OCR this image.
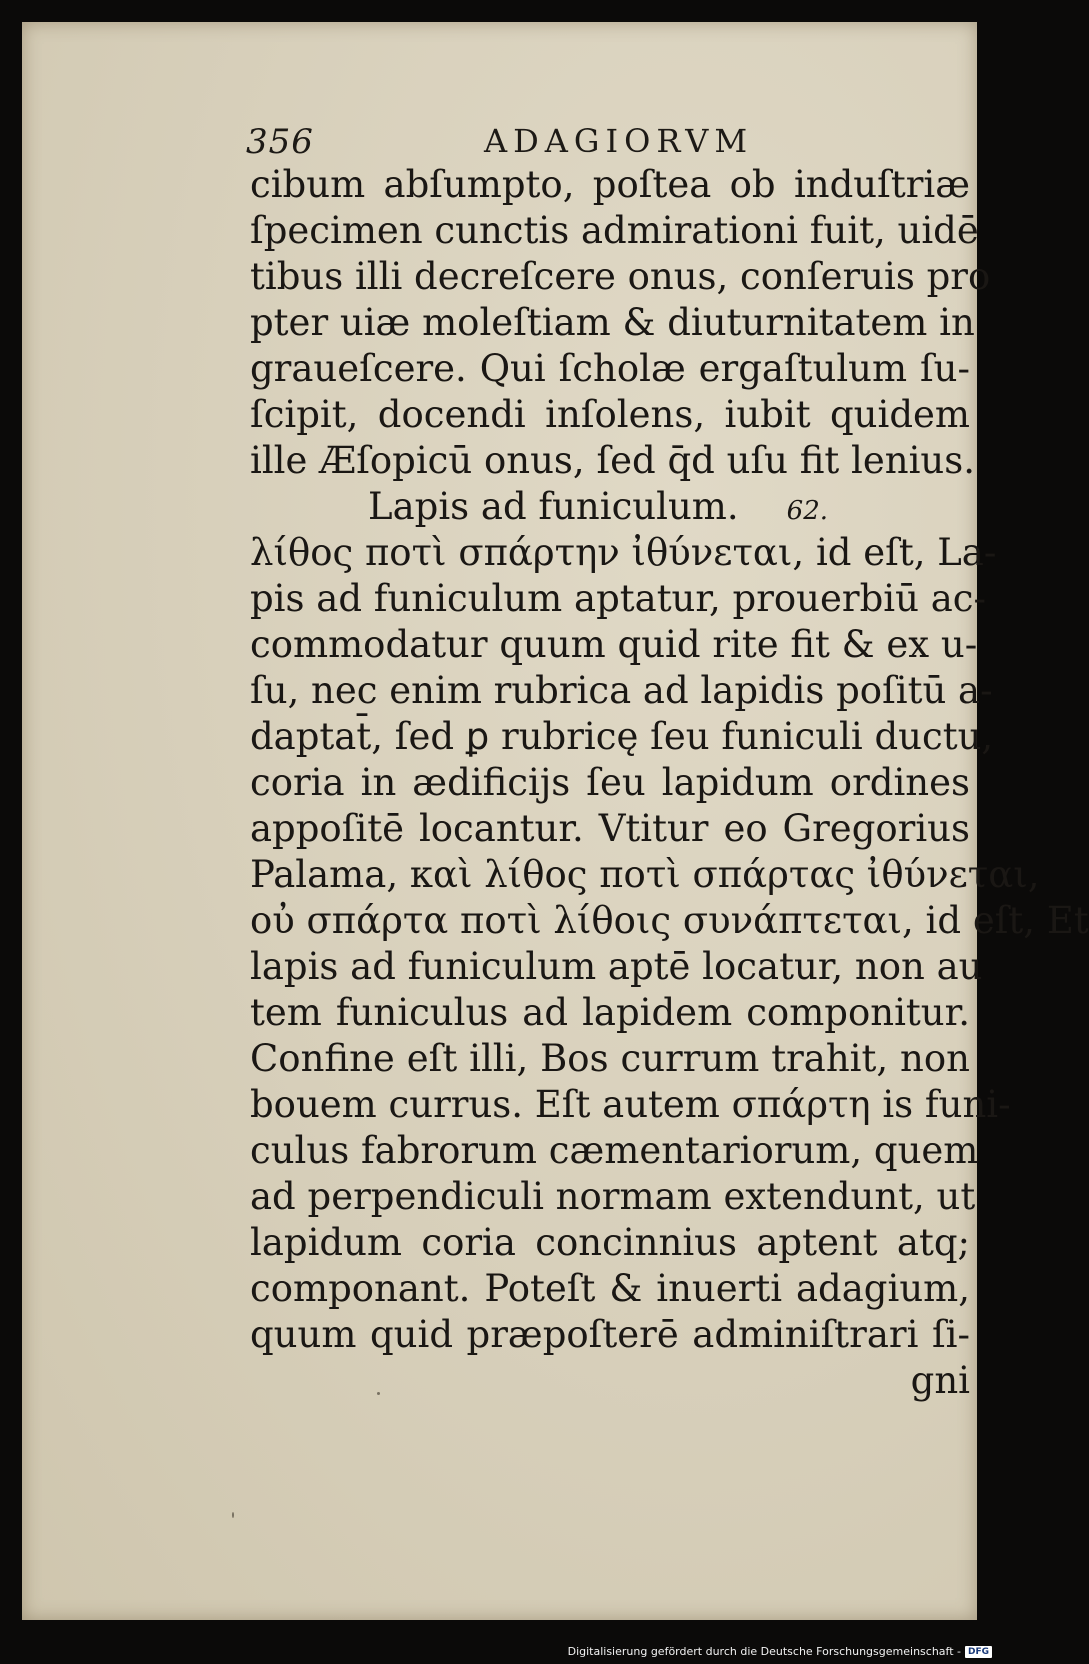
356	ADAGIORVM
cibum abſumpto, poſtea ob induſtriæ
ſpecimen cunctis admirationi fuit, uidē
tibus illi decreſcere onus, conſeruis pro
pter uiæ moleſtiam & diuturnitatem in
graueſcere. Qui ſcholæ ergaſtulum ſu-
ſcipit, docendi inſolens, iubit quidem
ille Æſopicū onus, ſed q̄d uſu fit lenius.
Lapis ad funiculum. 62.
λίθος ποτὶ σπάρτην ἰθύνεται, id eſt, La-
pis ad funiculum aptatur, prouerbiū ac-
commodatur quum quid rite fit & ex u-
ſu, nec enim rubrica ad lapidis poſitū a-
daptat̄, ſed ꝑ rubricę ſeu funiculi ductu,
coria in ædificijs ſeu lapidum ordines
appoſitē locantur. Vtitur eo Gregorius
Palama, καὶ λίθος ποτὶ σπάρτας ἰθύνεται,
οὐ σπάρτα ποτὶ λίθοις συνάπτεται, id eſt, Et
lapis ad funiculum aptē locatur, non au
tem funiculus ad lapidem componitur.
Confine eſt illi, Bos currum trahit, non
bouem currus. Eſt autem σπάρτη is funi-
culus fabrorum cæmentariorum, quem
ad perpendiculi normam extendunt, ut
lapidum coria concinnius aptent atq;
componant. Poteſt & inuerti adagium,
quum quid præpoſterē adminiſtrari ſi-
gni
Digitalisierung gefördert durch die Deutsche Forschungsgemeinschaft - DFG
